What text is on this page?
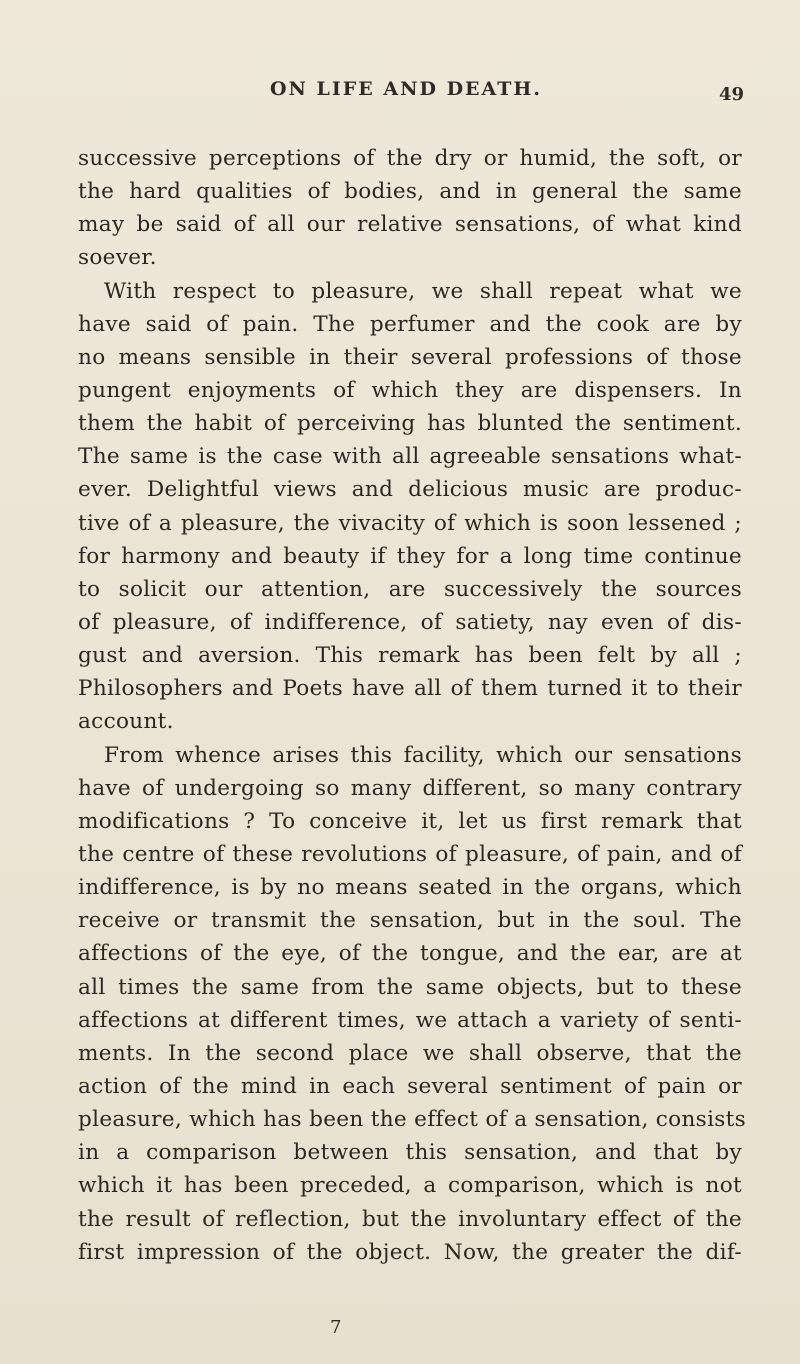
ON LIFE AND DEATH.	49
successive perceptions of the dry or humid, the soft, or
the hard qualities of bodies, and in general the same
may be said of all our relative sensations, of what kind
soever.
With respect to pleasure, we shall repeat what we
have said of pain. The perfumer and the cook are by
no means sensible in their several professions of those
pungent enjoyments of which they are dispensers. In
them the habit of perceiving has blunted the sentiment.
The same is the case with all agreeable sensations what-
ever. Delightful views and delicious music are produc-
tive of a pleasure, the vivacity of which is soon lessened ;
for harmony and beauty if they for a long time continue
to solicit our attention, are successively the sources
of pleasure, of indifference, of satiety, nay even of dis-
gust and aversion. This remark has been felt by all ;
Philosophers and Poets have all of them turned it to their
account.
From whence arises this facility, which our sensations
have of undergoing so many different, so many contrary
modifications ? To conceive it, let us first remark that
the centre of these revolutions of pleasure, of pain, and of
indifference, is by no means seated in the organs, which
receive or transmit the sensation, but in the soul. The
affections of the eye, of the tongue, and the ear, are at
all times the same from the same objects, but to these
affections at different times, we attach a variety of senti-
ments. In the second place we shall observe, that the
action of the mind in each several sentiment of pain or
pleasure, which has been the effect of a sensation, consists
in a comparison between this sensation, and that by
which it has been preceded, a comparison, which is not
the result of reflection, but the involuntary effect of the
first impression of the object. Now, the greater the dif-
7
